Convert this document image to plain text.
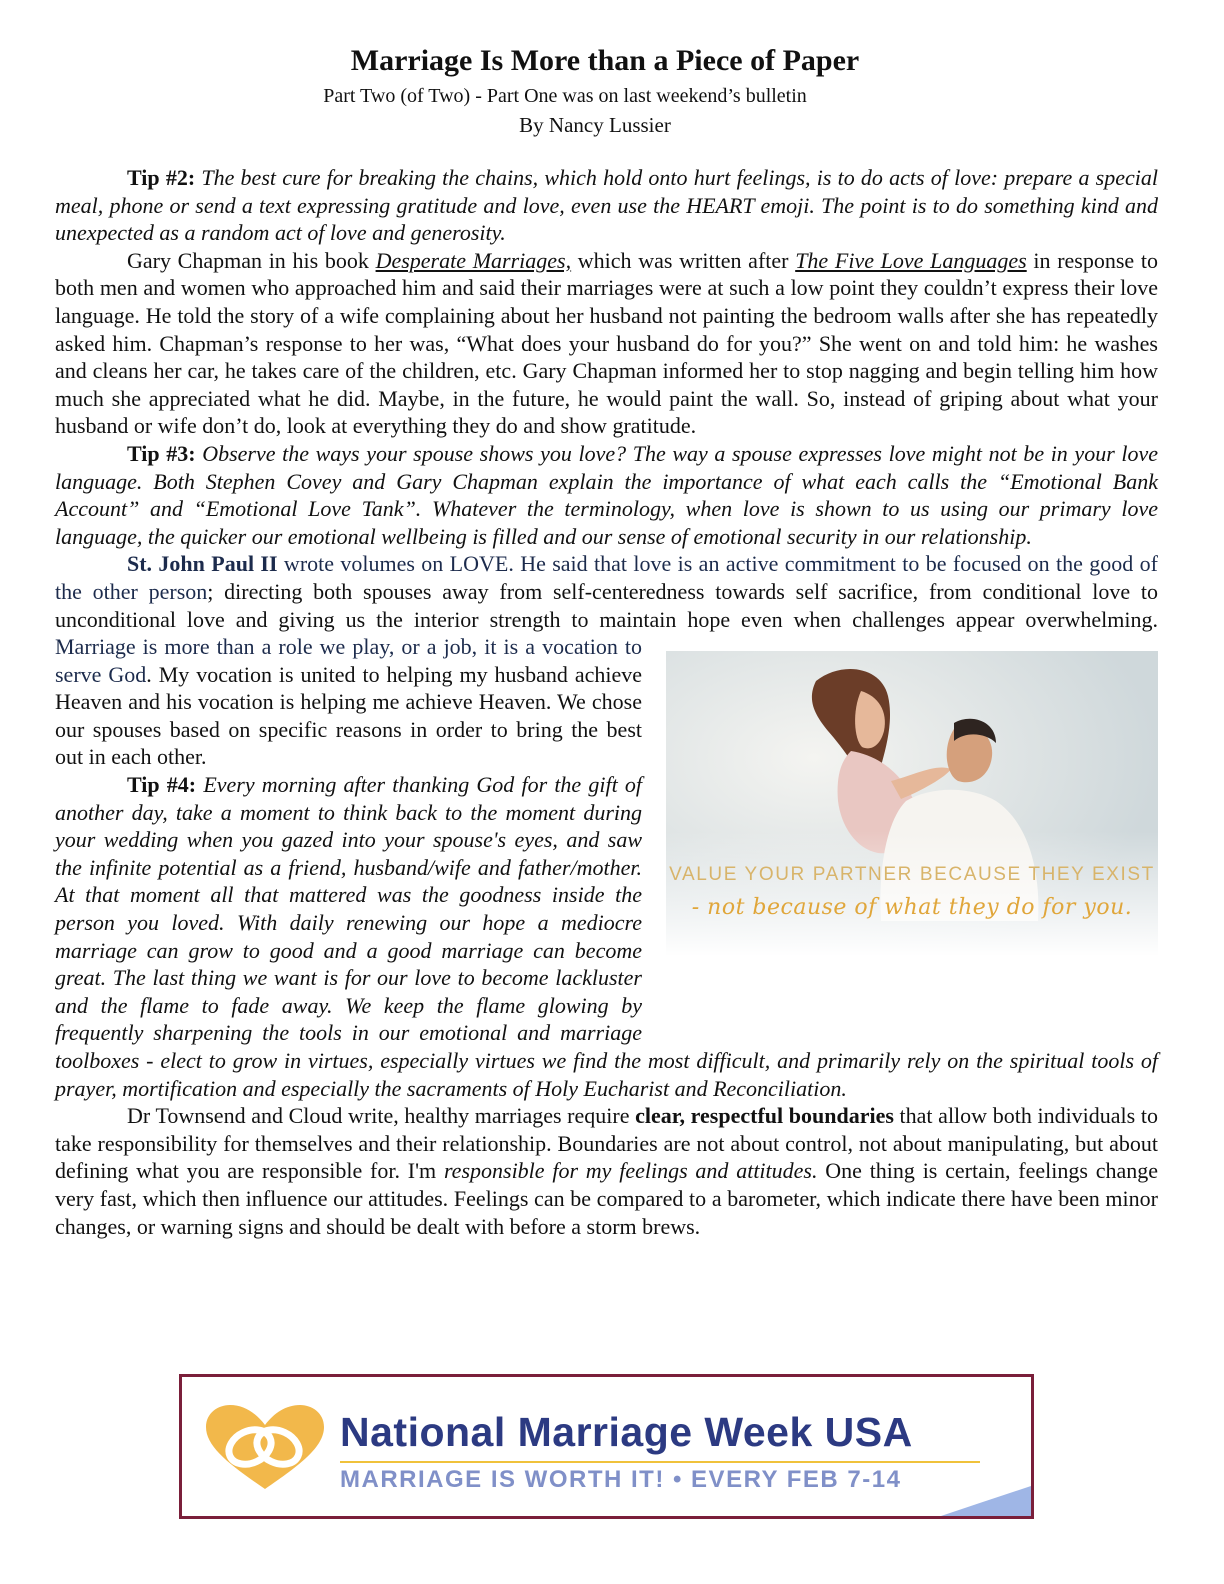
Marriage Is More than a Piece of Paper

Part Two (of Two) - Part One was on last weekend’s bulletin

By Nancy Lussier

Tip #2: The best cure for breaking the chains, which hold onto hurt feelings, is to do acts of love: prepare a special meal, phone or send a text expressing gratitude and love, even use the HEART emoji. The point is to do something kind and unexpected as a random act of love and generosity.

Gary Chapman in his book Desperate Marriages, which was written after The Five Love Languages in response to both men and women who approached him and said their marriages were at such a low point they couldn’t express their love language. He told the story of a wife complaining about her husband not painting the bedroom walls after she has repeatedly asked him. Chapman’s response to her was, “What does your husband do for you?” She went on and told him: he washes and cleans her car, he takes care of the children, etc. Gary Chapman informed her to stop nagging and begin telling him how much she appreciated what he did. Maybe, in the future, he would paint the wall. So, instead of griping about what your husband or wife don’t do, look at everything they do and show gratitude.

Tip #3: Observe the ways your spouse shows you love? The way a spouse expresses love might not be in your love language. Both Stephen Covey and Gary Chapman explain the importance of what each calls the “Emotional Bank Account” and “Emotional Love Tank”. Whatever the terminology, when love is shown to us using our primary love language, the quicker our emotional wellbeing is filled and our sense of emotional security in our relationship.

St. John Paul II wrote volumes on LOVE. He said that love is an active commitment to be focused on the good of the other person; directing both spouses away from self-centeredness towards self sacrifice, from conditional love to unconditional love and giving us the interior strength to maintain hope even when challenges appear overwhelming.
VALUE YOUR PARTNER BECAUSE THEY EXIST
- not because of what they do for you.
Marriage is more than a role we play, or a job, it is a vocation to serve God. My vocation is united to helping my husband achieve Heaven and his vocation is helping me achieve Heaven. We chose our spouses based on specific reasons in order to bring the best out in each other.

Tip #4: Every morning after thanking God for the gift of another day, take a moment to think back to the moment during your wedding when you gazed into your spouse's eyes, and saw the infinite potential as a friend, husband/wife and father/mother. At that moment all that mattered was the goodness inside the person you loved. With daily renewing our hope a mediocre marriage can grow to good and a good marriage can become great. The last thing we want is for our love to become lackluster and the flame to fade away. We keep the flame glowing by frequently sharpening the tools in our emotional and marriage toolboxes - elect to grow in virtues, especially virtues we find the most difficult, and primarily rely on the spiritual tools of prayer, mortification and especially the sacraments of Holy Eucharist and Reconciliation.

Dr Townsend and Cloud write, healthy marriages require clear, respectful boundaries that allow both individuals to take responsibility for themselves and their relationship. Boundaries are not about control, not about manipulating, but about defining what you are responsible for. I'm responsible for my feelings and attitudes. One thing is certain, feelings change very fast, which then influence our attitudes. Feelings can be compared to a barometer, which indicate there have been minor changes, or warning signs and should be dealt with before a storm brews.

National Marriage Week USA
MARRIAGE IS WORTH IT! • EVERY FEB 7-14
